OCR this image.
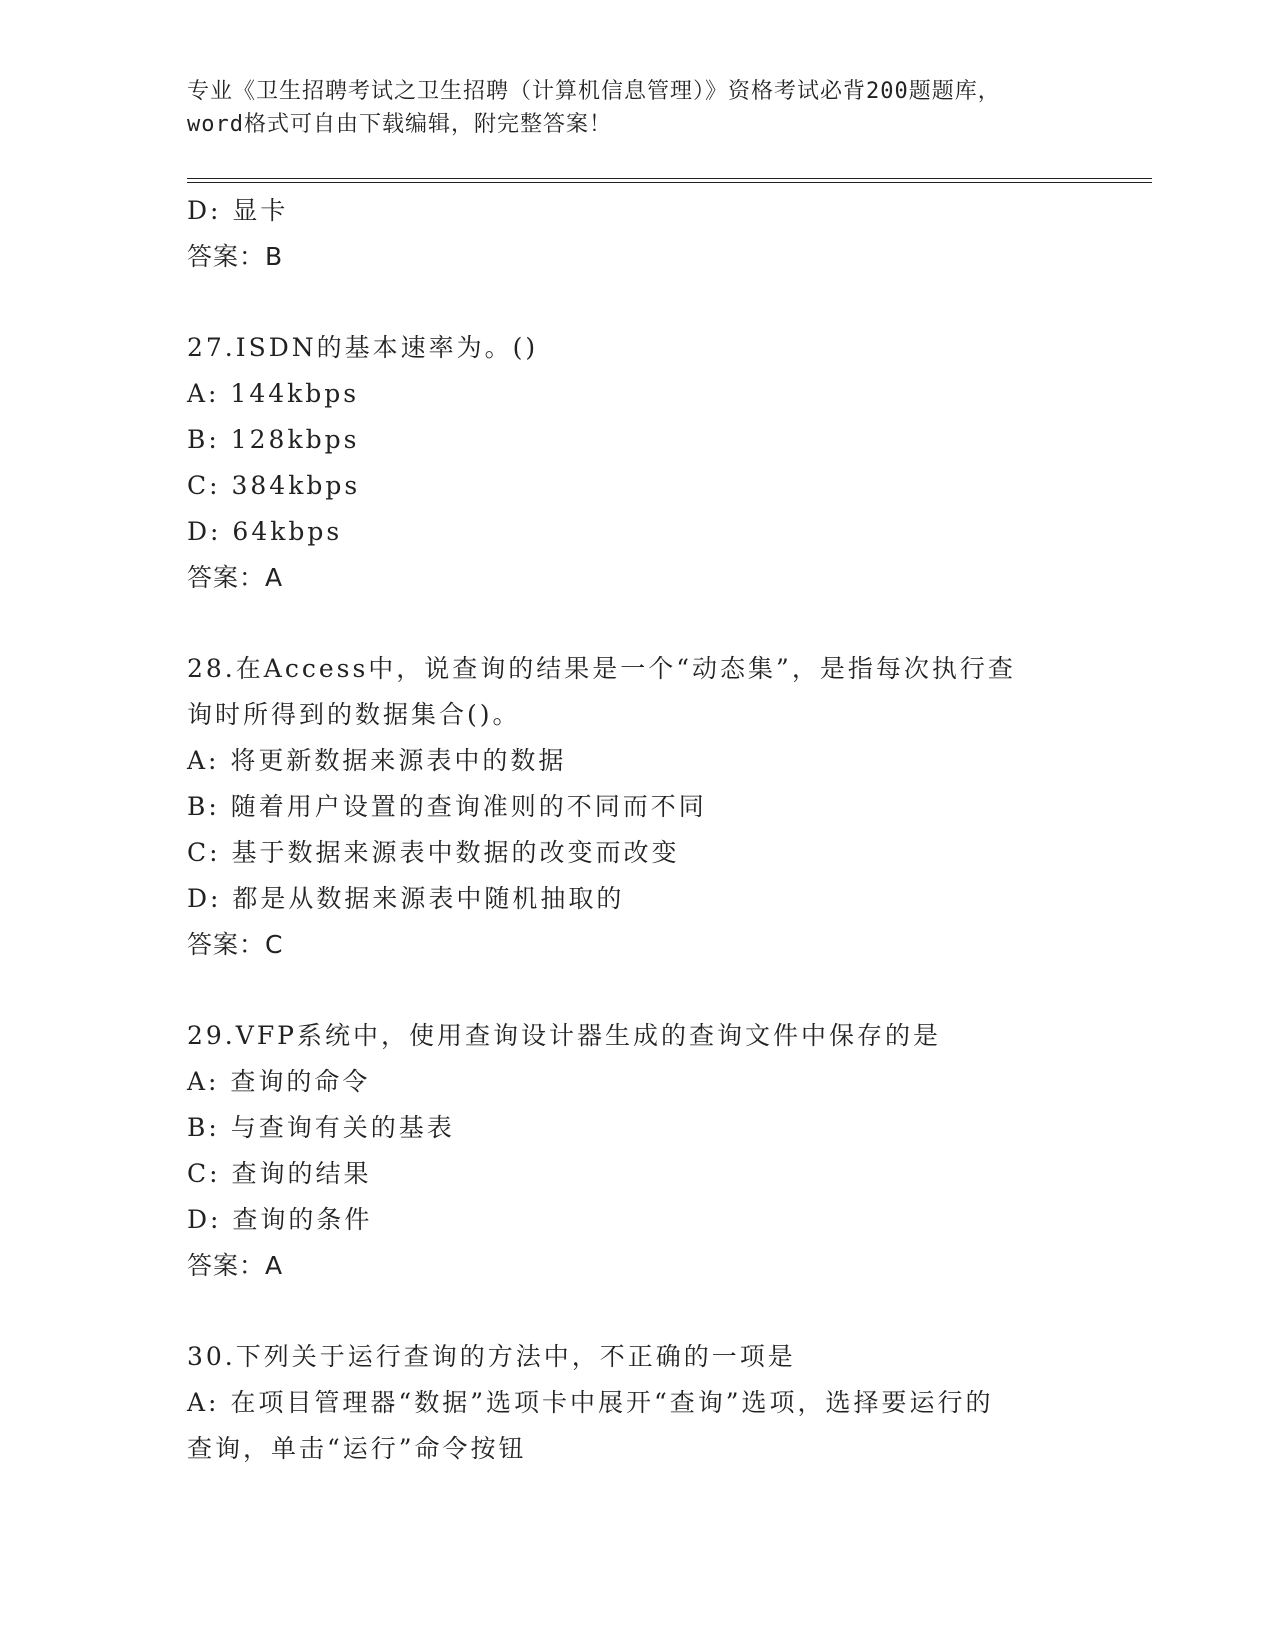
专业《卫生招聘考试之卫生招聘（计算机信息管理）》资格考试必背200题题库，
word格式可自由下载编辑，附完整答案！
D: 显卡
答案：B
27.ISDN的基本速率为。()
A: 144kbps
B: 128kbps
C: 384kbps
D: 64kbps
答案：A
28.在Access中，说查询的结果是一个“动态集”，是指每次执行查
询时所得到的数据集合()。
A: 将更新数据来源表中的数据
B: 随着用户设置的查询准则的不同而不同
C: 基于数据来源表中数据的改变而改变
D: 都是从数据来源表中随机抽取的
答案：C
29.VFP系统中，使用查询设计器生成的查询文件中保存的是
A: 查询的命令
B: 与查询有关的基表
C: 查询的结果
D: 查询的条件
答案：A
30.下列关于运行查询的方法中，不正确的一项是
A: 在项目管理器“数据”选项卡中展开“查询”选项，选择要运行的
查询，单击“运行”命令按钮
